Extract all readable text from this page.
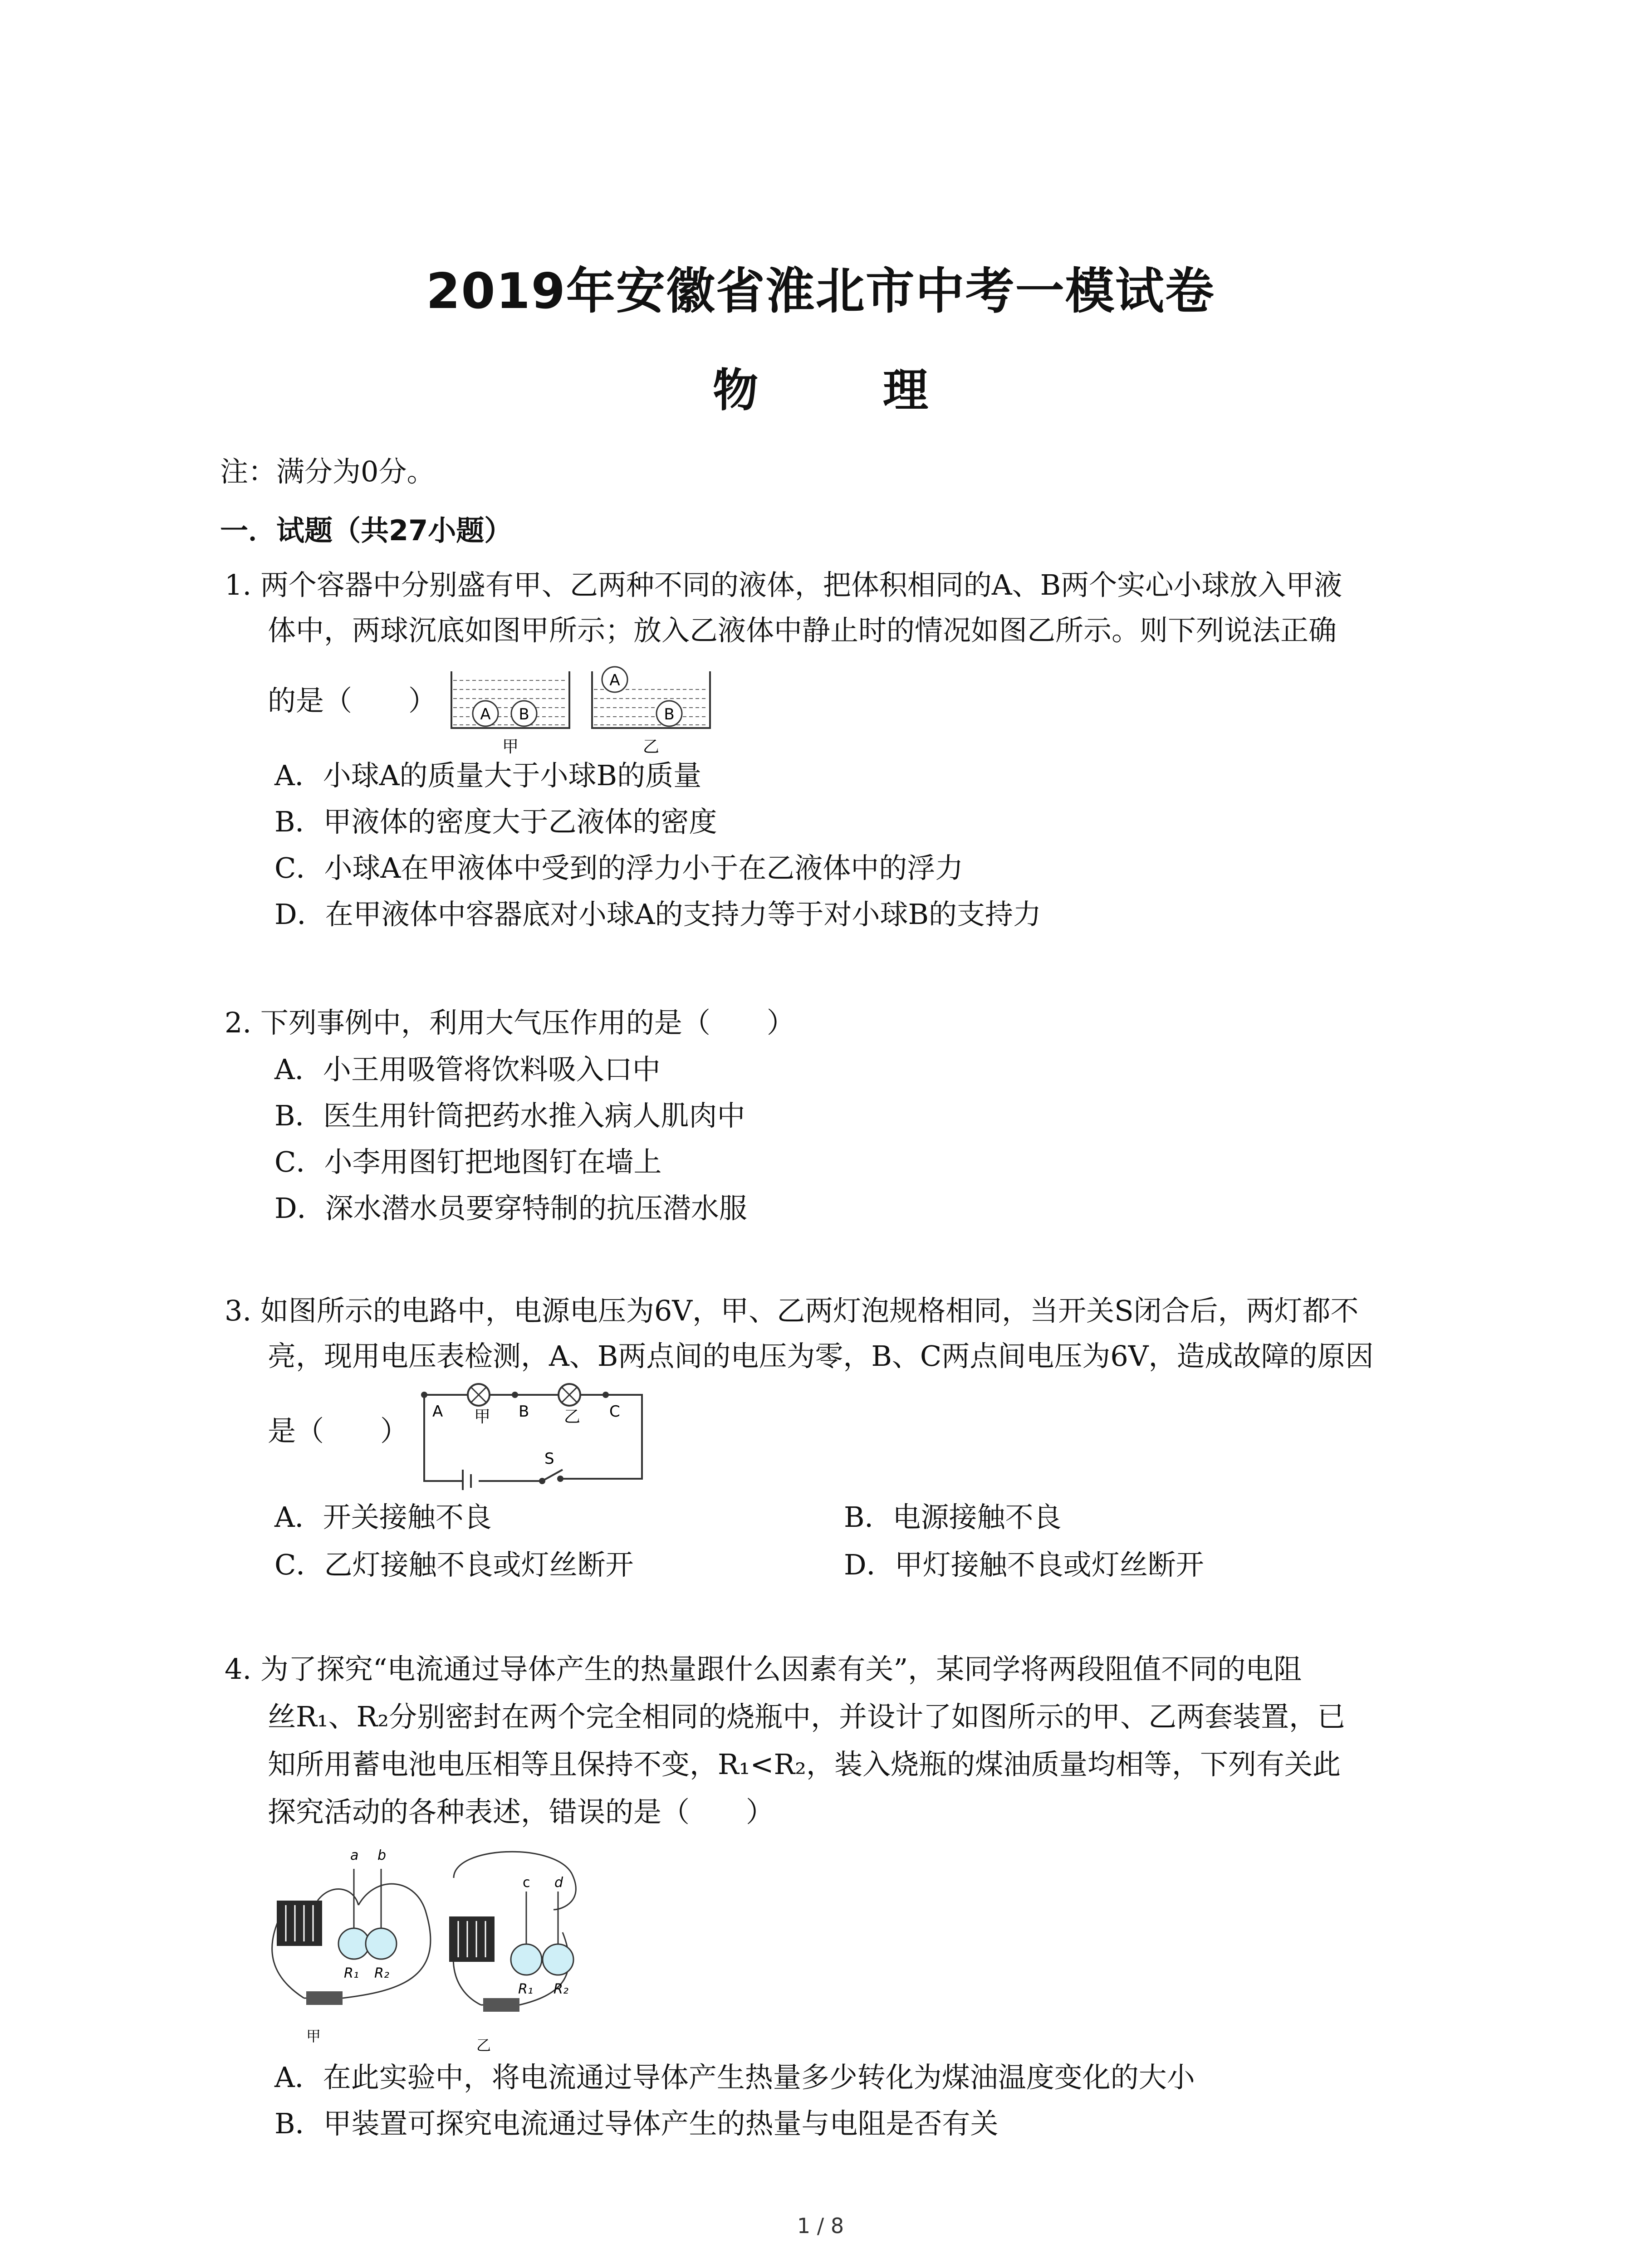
2019年安徽省淮北市中考一模试卷
物 理
注：满分为0分。
一．试题（共27小题）
1. 两个容器中分别盛有甲、乙两种不同的液体，把体积相同的A、B两个实心小球放入甲液
体中，两球沉底如图甲所示；放入乙液体中静止时的情况如图乙所示。则下列说法正确
的是（　　）	A B
A
B
甲	乙
A．小球A的质量大于小球B的质量
B．甲液体的密度大于乙液体的密度
C．小球A在甲液体中受到的浮力小于在乙液体中的浮力
D．在甲液体中容器底对小球A的支持力等于对小球B的支持力
2. 下列事例中，利用大气压作用的是（　　）
A．小王用吸管将饮料吸入口中
B．医生用针筒把药水推入病人肌肉中
C．小李用图钉把地图钉在墙上
D．深水潜水员要穿特制的抗压潜水服
3. 如图所示的电路中，电源电压为6V，甲、乙两灯泡规格相同，当开关S闭合后，两灯都不
亮，现用电压表检测，A、B两点间的电压为零，B、C两点间电压为6V，造成故障的原因
是（　　）
A 甲 B 乙 C
S
A．开关接触不良	B．电源接触不良
C．乙灯接触不良或灯丝断开	D．甲灯接触不良或灯丝断开
4. 为了探究“电流通过导体产生的热量跟什么因素有关”，某同学将两段阻值不同的电阻
丝R₁、R₂分别密封在两个完全相同的烧瓶中，并设计了如图所示的甲、乙两套装置，已
知所用蓄电池电压相等且保持不变，R₁<R₂，装入烧瓶的煤油质量均相等，下列有关此
探究活动的各种表述，错误的是（　　）
a b
R₁ R₂
甲
c d
R₁ R₂
乙
A．在此实验中，将电流通过导体产生热量多少转化为煤油温度变化的大小
B．甲装置可探究电流通过导体产生的热量与电阻是否有关
1 / 8
